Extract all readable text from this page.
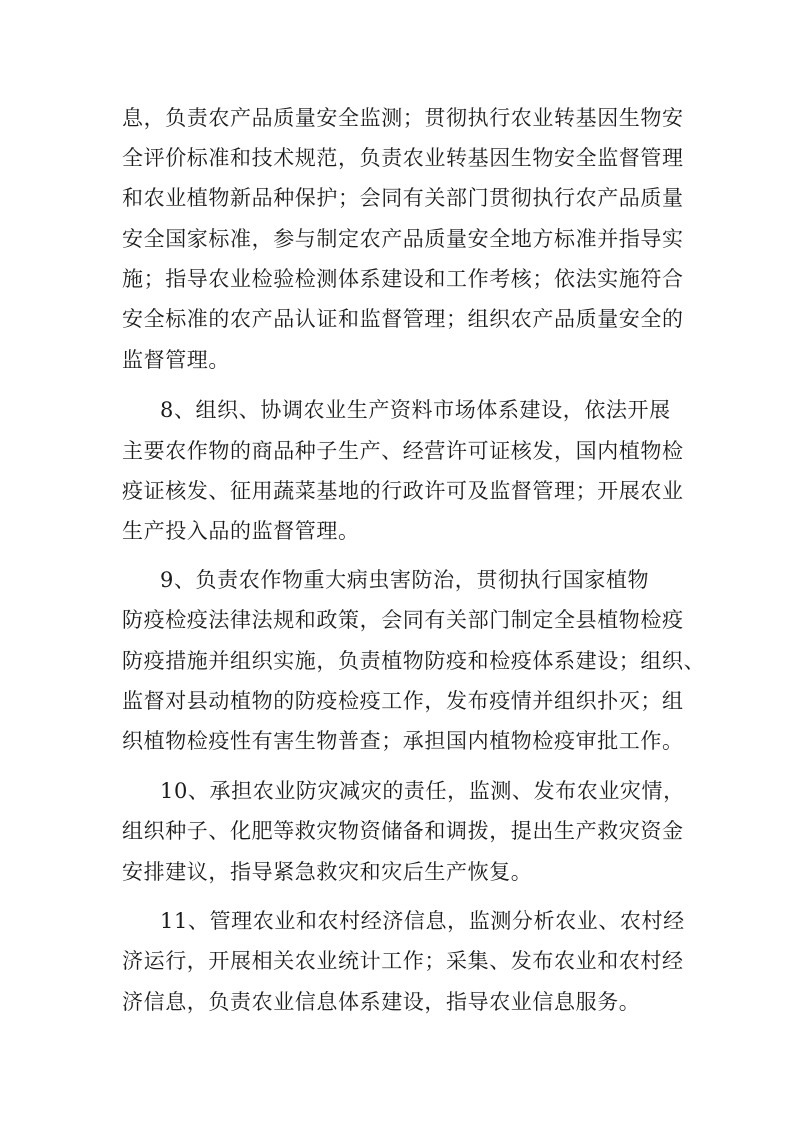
息，负责农产品质量安全监测；贯彻执行农业转基因生物安
全评价标准和技术规范，负责农业转基因生物安全监督管理
和农业植物新品种保护；会同有关部门贯彻执行农产品质量
安全国家标准，参与制定农产品质量安全地方标准并指导实
施；指导农业检验检测体系建设和工作考核；依法实施符合
安全标准的农产品认证和监督管理；组织农产品质量安全的
监督管理。
8、组织、协调农业生产资料市场体系建设，依法开展
主要农作物的商品种子生产、经营许可证核发，国内植物检
疫证核发、征用蔬菜基地的行政许可及监督管理；开展农业
生产投入品的监督管理。
9、负责农作物重大病虫害防治，贯彻执行国家植物
防疫检疫法律法规和政策，会同有关部门制定全县植物检疫
防疫措施并组织实施，负责植物防疫和检疫体系建设；组织、
监督对县动植物的防疫检疫工作，发布疫情并组织扑灭；组
织植物检疫性有害生物普查；承担国内植物检疫审批工作。
10、承担农业防灾减灾的责任，监测、发布农业灾情，
组织种子、化肥等救灾物资储备和调拨，提出生产救灾资金
安排建议，指导紧急救灾和灾后生产恢复。
11、管理农业和农村经济信息，监测分析农业、农村经
济运行，开展相关农业统计工作；采集、发布农业和农村经
济信息，负责农业信息体系建设，指导农业信息服务。
